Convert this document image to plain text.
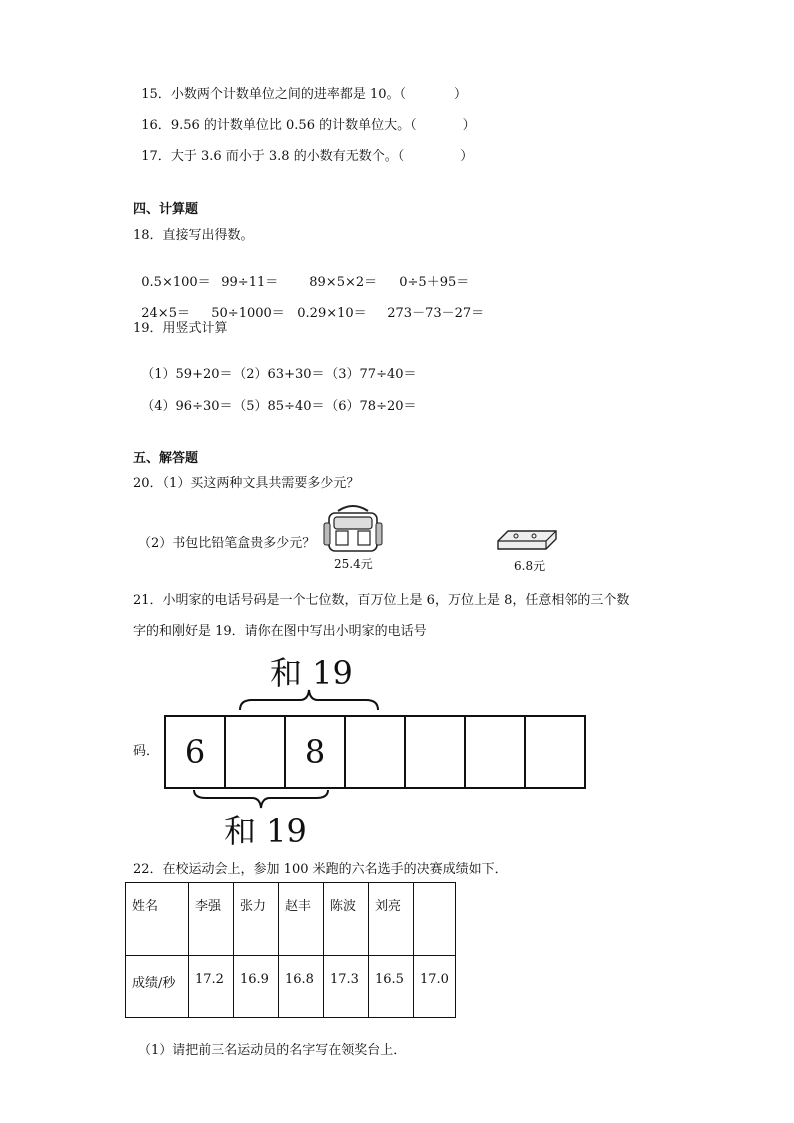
15．小数两个计数单位之间的进率都是 10。（	）

16．9.56 的计数单位比 0.56 的计数单位大。（	）

17．大于 3.6 而小于 3.8 的小数有无数个。（	）

四、计算题
18．直接写出得数。

0.5×100＝ 99÷11＝ 89×5×2＝ 0÷5＋95＝

24×5＝ 50÷1000＝ 0.29×10＝ 273－73－27＝

19．用竖式计算

（1）59+20＝（2）63+30＝（3）77÷40＝

（4）96÷30＝（5）85÷40＝（6）78÷20＝

五、解答题
20．（1）买这两种文具共需要多少元？
（2）书包比铅笔盒贵多少元？
25.4元	6.8元
21．小明家的电话号码是一个七位数，百万位上是 6，万位上是 8，任意相邻的三个数
字的和刚好是 19．请你在图中写出小明家的电话号
和 19
码． 6	8
和 19
22．在校运动会上，参加 100 米跑的六名选手的决赛成绩如下．
姓名	李强	张力	赵丰	陈波	刘亮	
成绩/秒	17.2	16.9	16.8	17.3	16.5	17.0
（1）请把前三名运动员的名字写在领奖台上．
